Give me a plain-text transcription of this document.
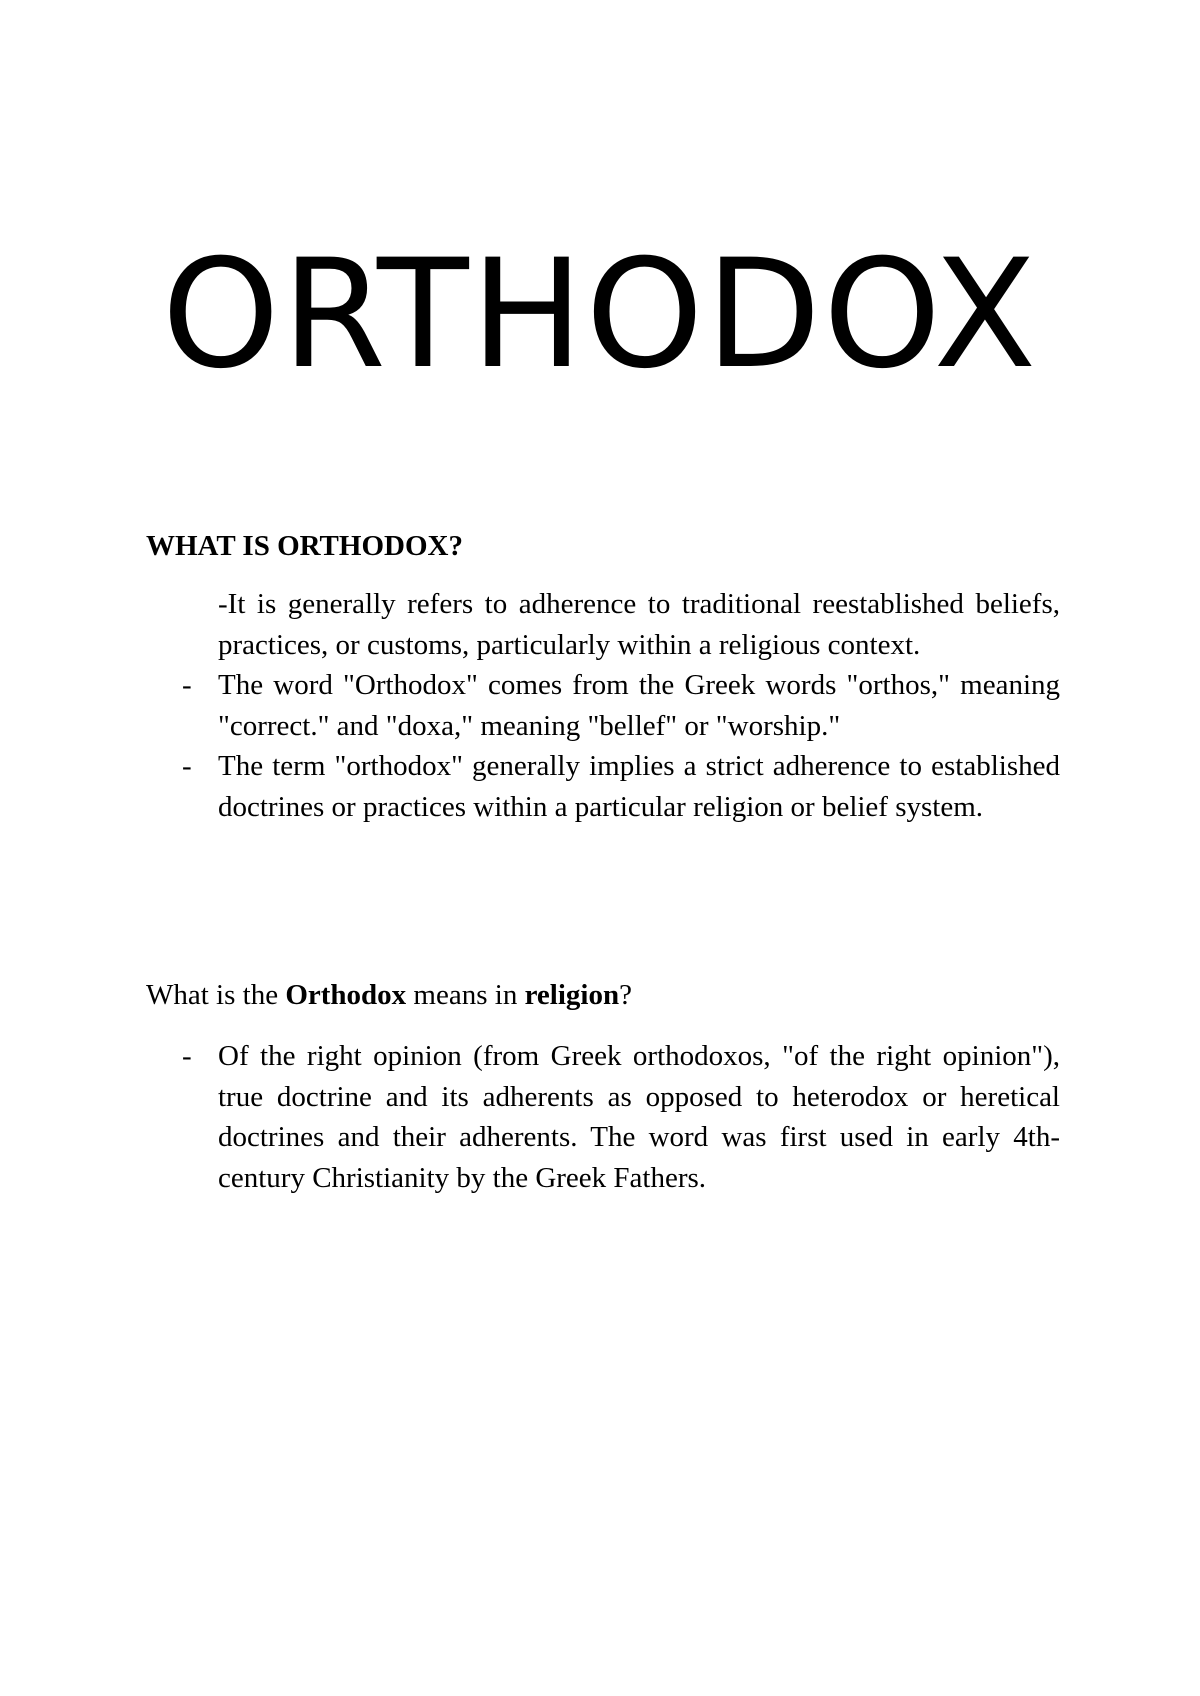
ORTHODOX
WHAT IS ORTHODOX?
-It is generally refers to adherence to traditional reestablished beliefs, practices, or customs, particularly within a religious context.
- The word "Orthodox" comes from the Greek words "orthos," meaning "correct." and "doxa," meaning "bellef" or "worship."
- The term "orthodox" generally implies a strict adherence to established doctrines or practices within a particular religion or belief system.
What is the Orthodox means in religion?
- Of the right opinion (from Greek orthodoxos, "of the right opinion"), true doctrine and its adherents as opposed to heterodox or heretical doctrines and their adherents. The word was first used in early 4th-century Christianity by the Greek Fathers.
